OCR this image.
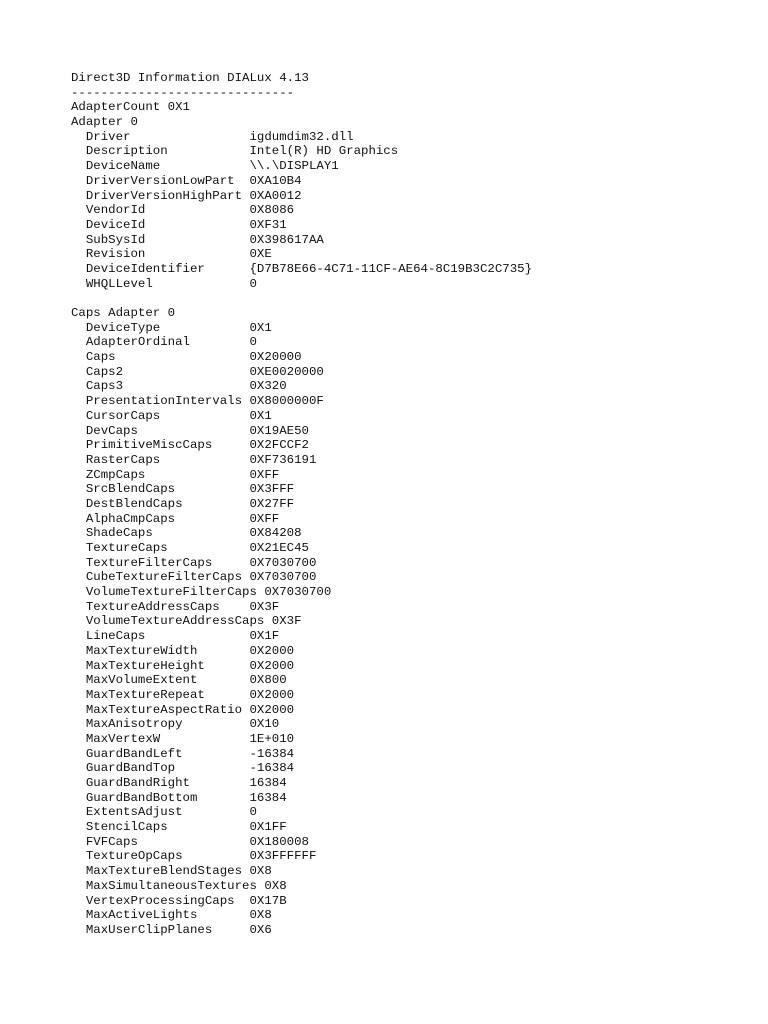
Direct3D Information DIALux 4.13
------------------------------
AdapterCount 0X1
Adapter 0
Driver	igdumdim32.dll
Description	Intel(R) HD Graphics
DeviceName	\\.\DISPLAY1
DriverVersionLowPart 0XA10B4
DriverVersionHighPart 0XA0012
VendorId	0X8086
DeviceId	0XF31
SubSysId	0X398617AA
Revision	0XE
DeviceIdentifier	{D7B78E66-4C71-11CF-AE64-8C19B3C2C735}
WHQLLevel	0
Caps Adapter 0
DeviceType	0X1
AdapterOrdinal	0
Caps	0X20000
Caps2	0XE0020000
Caps3	0X320
PresentationIntervals 0X8000000F
CursorCaps	0X1
DevCaps	0X19AE50
PrimitiveMiscCaps	0X2FCCF2
RasterCaps	0XF736191
ZCmpCaps	0XFF
SrcBlendCaps	0X3FFF
DestBlendCaps	0X27FF
AlphaCmpCaps	0XFF
ShadeCaps	0X84208
TextureCaps	0X21EC45
TextureFilterCaps	0X7030700
CubeTextureFilterCaps 0X7030700
VolumeTextureFilterCaps 0X7030700
TextureAddressCaps 0X3F
VolumeTextureAddressCaps 0X3F
LineCaps	0X1F
MaxTextureWidth	0X2000
MaxTextureHeight	0X2000
MaxVolumeExtent	0X800
MaxTextureRepeat	0X2000
MaxTextureAspectRatio 0X2000
MaxAnisotropy	0X10
MaxVertexW	1E+010
GuardBandLeft	-16384
GuardBandTop	-16384
GuardBandRight	16384
GuardBandBottom	16384
ExtentsAdjust	0
StencilCaps	0X1FF
FVFCaps	0X180008
TextureOpCaps	0X3FFFFFF
MaxTextureBlendStages 0X8
MaxSimultaneousTextures 0X8
VertexProcessingCaps 0X17B
MaxActiveLights	0X8
MaxUserClipPlanes	0X6
